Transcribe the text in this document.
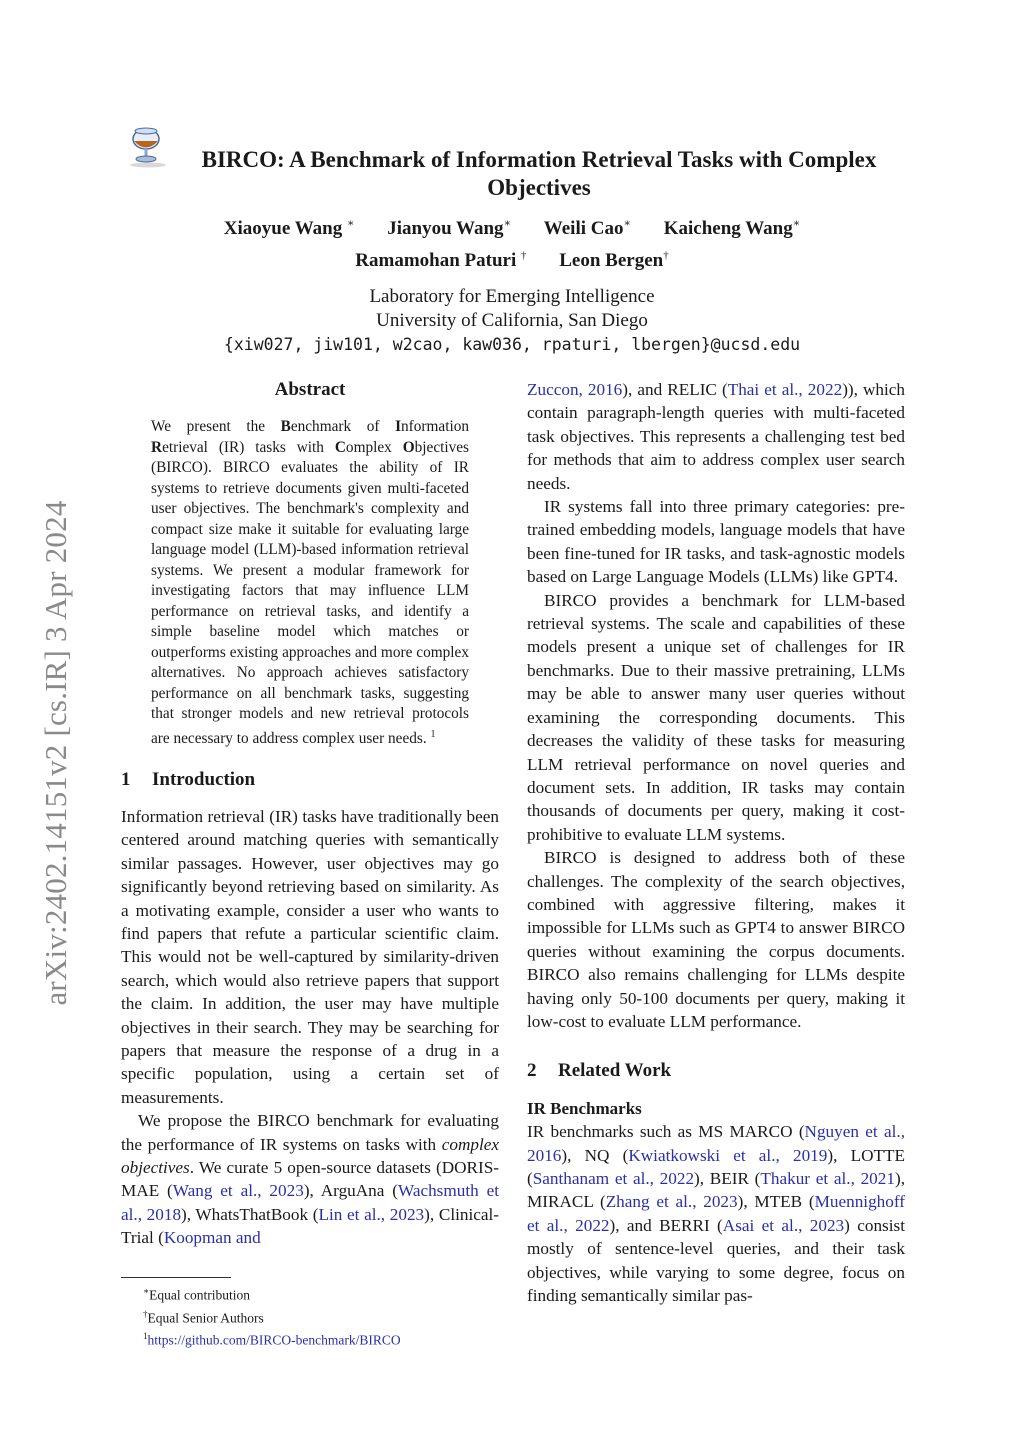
arXiv:2402.14151v2 [cs.IR] 3 Apr 2024
BIRCO: A Benchmark of Information Retrieval Tasks with Complex Objectives
Xiaoyue Wang ∗ Jianyou Wang∗ Weili Cao∗ Kaicheng Wang∗
Ramamohan Paturi † Leon Bergen†
Laboratory for Emerging Intelligence
University of California, San Diego
{xiw027, jiw101, w2cao, kaw036, rpaturi, lbergen}@ucsd.edu
Abstract
We present the Benchmark of Information Retrieval (IR) tasks with Complex Objectives (BIRCO). BIRCO evaluates the ability of IR systems to retrieve documents given multi-faceted user objectives. The benchmark's complexity and compact size make it suitable for evaluating large language model (LLM)-based information retrieval systems. We present a modular framework for investigating factors that may influence LLM performance on retrieval tasks, and identify a simple baseline model which matches or outperforms existing approaches and more complex alternatives. No approach achieves satisfactory performance on all benchmark tasks, suggesting that stronger models and new retrieval protocols are necessary to address complex user needs. $^1$
1 Introduction

Information retrieval (IR) tasks have traditionally been centered around matching queries with semantically similar passages. However, user objectives may go significantly beyond retrieving based on similarity. As a motivating example, consider a user who wants to find papers that refute a particular scientific claim. This would not be well-captured by similarity-driven search, which would also retrieve papers that support the claim. In addition, the user may have multiple objectives in their search. They may be searching for papers that measure the response of a drug in a specific population, using a certain set of measurements.

We propose the BIRCO benchmark for evaluating the performance of IR systems on tasks with complex objectives. We curate 5 open-source datasets (DORIS-MAE (Wang et al., 2023), ArguAna (Wachsmuth et al., 2018), WhatsThatBook (Lin et al., 2023), Clinical-Trial (Koopman and

∗Equal contribution
†Equal Senior Authors
$^1$https://github.com/BIRCO-benchmark/BIRCO

Zuccon, 2016), and RELIC (Thai et al., 2022)), which contain paragraph-length queries with multi-faceted task objectives. This represents a challenging test bed for methods that aim to address complex user search needs.

IR systems fall into three primary categories: pre-trained embedding models, language models that have been fine-tuned for IR tasks, and task-agnostic models based on Large Language Models (LLMs) like GPT4.

BIRCO provides a benchmark for LLM-based retrieval systems. The scale and capabilities of these models present a unique set of challenges for IR benchmarks. Due to their massive pretraining, LLMs may be able to answer many user queries without examining the corresponding documents. This decreases the validity of these tasks for measuring LLM retrieval performance on novel queries and document sets. In addition, IR tasks may contain thousands of documents per query, making it cost-prohibitive to evaluate LLM systems.

BIRCO is designed to address both of these challenges. The complexity of the search objectives, combined with aggressive filtering, makes it impossible for LLMs such as GPT4 to answer BIRCO queries without examining the corpus documents. BIRCO also remains challenging for LLMs despite having only 50-100 documents per query, making it low-cost to evaluate LLM performance.

2 Related Work
IR Benchmarks

IR benchmarks such as MS MARCO (Nguyen et al., 2016), NQ (Kwiatkowski et al., 2019), LOTTE (Santhanam et al., 2022), BEIR (Thakur et al., 2021), MIRACL (Zhang et al., 2023), MTEB (Muennighoff et al., 2022), and BERRI (Asai et al., 2023) consist mostly of sentence-level queries, and their task objectives, while varying to some degree, focus on finding semantically similar pas-
